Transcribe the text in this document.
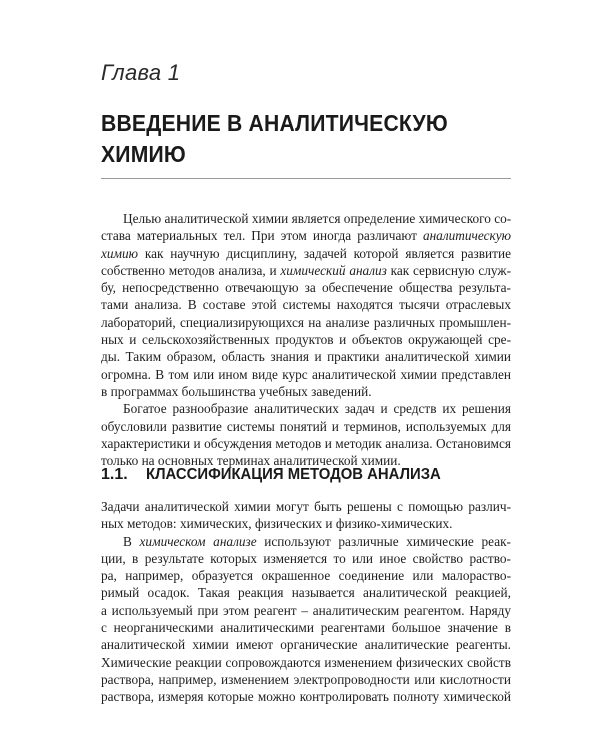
Глава 1
ВВЕДЕНИЕ В АНАЛИТИЧЕСКУЮ
ХИМИЮ
Целью аналитической химии является определение химического со-
става материальных тел. При этом иногда различают аналитическую
химию как научную дисциплину, задачей которой является развитие
собственно методов анализа, и химический анализ как сервисную служ-
бу, непосредственно отвечающую за обеспечение общества результа-
тами анализа. В составе этой системы находятся тысячи отраслевых
лабораторий, специализирующихся на анализе различных промышлен-
ных и сельскохозяйственных продуктов и объектов окружающей сре-
ды. Таким образом, область знания и практики аналитической химии
огромна. В том или ином виде курс аналитической химии представлен
в программах большинства учебных заведений.
Богатое разнообразие аналитических задач и средств их решения
обусловили развитие системы понятий и терминов, используемых для
характеристики и обсуждения методов и методик анализа. Остановимся
только на основных терминах аналитической химии.
1.1. КЛАССИФИКАЦИЯ МЕТОДОВ АНАЛИЗА
Задачи аналитической химии могут быть решены с помощью различ-
ных методов: химических, физических и физико-химических.
В химическом анализе используют различные химические реак-
ции, в результате которых изменяется то или иное свойство раство-
ра, например, образуется окрашенное соединение или малораство-
римый осадок. Такая реакция называется аналитической реакцией,
а используемый при этом реагент – аналитическим реагентом. Наряду
с неорганическими аналитическими реагентами большое значение в
аналитической химии имеют органические аналитические реагенты.
Химические реакции сопровождаются изменением физических свойств
раствора, например, изменением электропроводности или кислотности
раствора, измеряя которые можно контролировать полноту химической
